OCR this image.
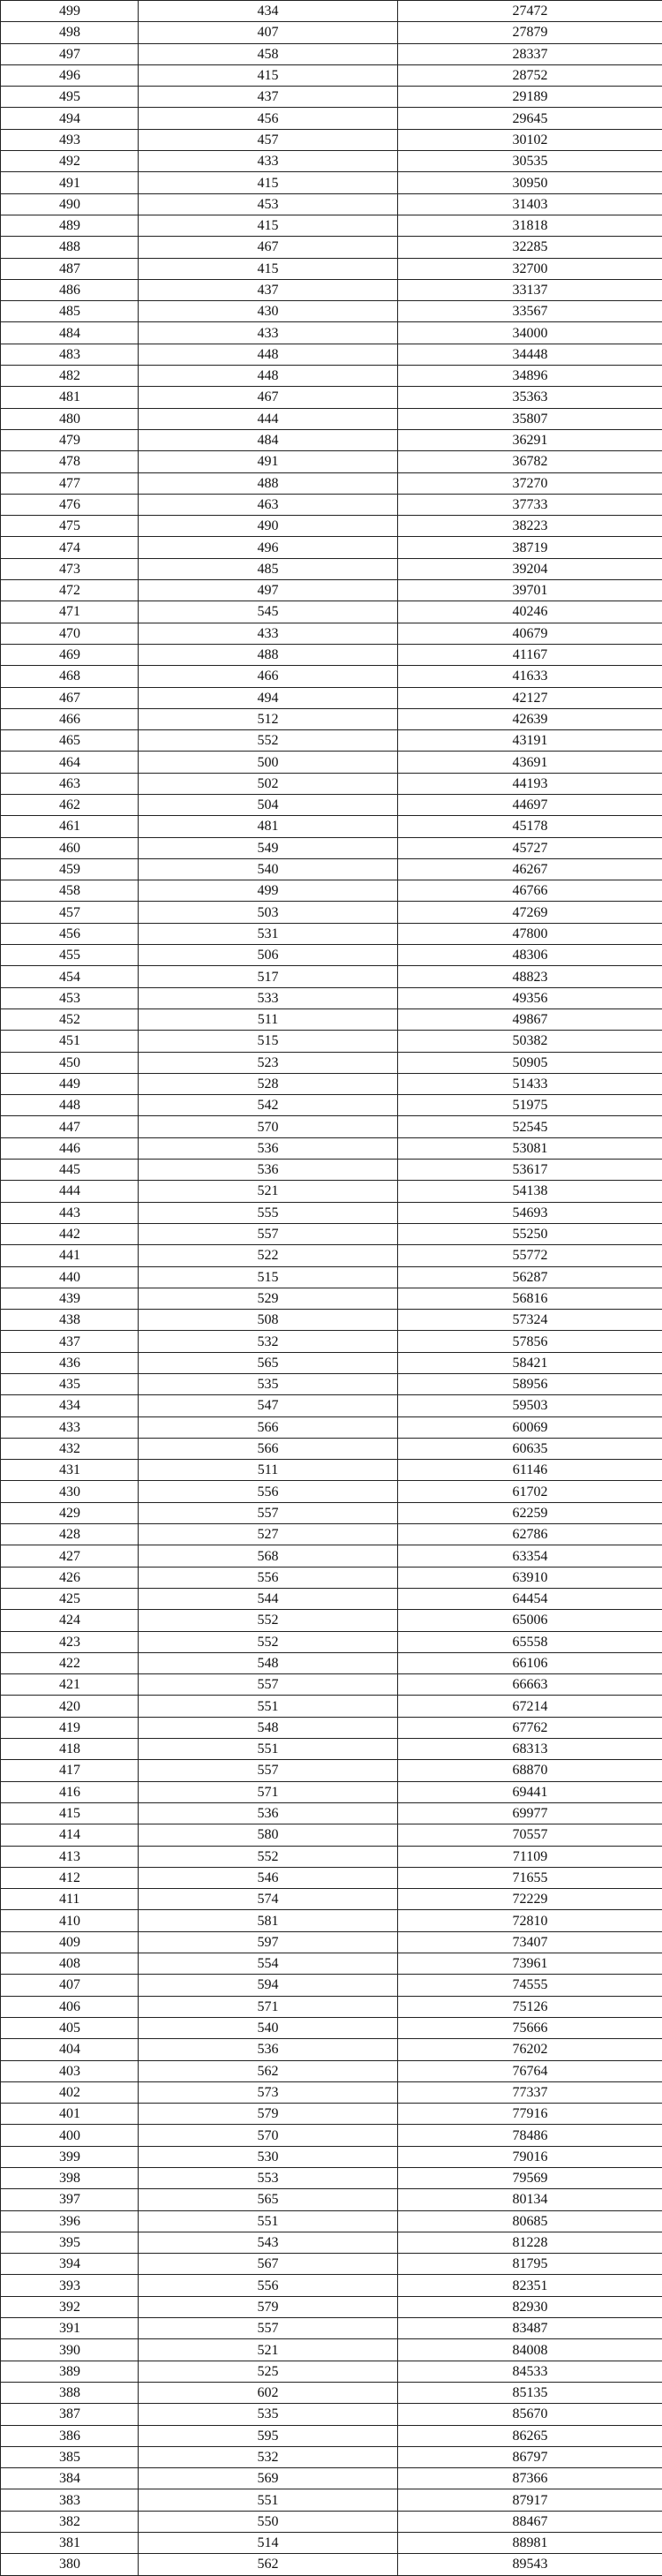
499	434	27472
498	407	27879
497	458	28337
496	415	28752
495	437	29189
494	456	29645
493	457	30102
492	433	30535
491	415	30950
490	453	31403
489	415	31818
488	467	32285
487	415	32700
486	437	33137
485	430	33567
484	433	34000
483	448	34448
482	448	34896
481	467	35363
480	444	35807
479	484	36291
478	491	36782
477	488	37270
476	463	37733
475	490	38223
474	496	38719
473	485	39204
472	497	39701
471	545	40246
470	433	40679
469	488	41167
468	466	41633
467	494	42127
466	512	42639
465	552	43191
464	500	43691
463	502	44193
462	504	44697
461	481	45178
460	549	45727
459	540	46267
458	499	46766
457	503	47269
456	531	47800
455	506	48306
454	517	48823
453	533	49356
452	511	49867
451	515	50382
450	523	50905
449	528	51433
448	542	51975
447	570	52545
446	536	53081
445	536	53617
444	521	54138
443	555	54693
442	557	55250
441	522	55772
440	515	56287
439	529	56816
438	508	57324
437	532	57856
436	565	58421
435	535	58956
434	547	59503
433	566	60069
432	566	60635
431	511	61146
430	556	61702
429	557	62259
428	527	62786
427	568	63354
426	556	63910
425	544	64454
424	552	65006
423	552	65558
422	548	66106
421	557	66663
420	551	67214
419	548	67762
418	551	68313
417	557	68870
416	571	69441
415	536	69977
414	580	70557
413	552	71109
412	546	71655
411	574	72229
410	581	72810
409	597	73407
408	554	73961
407	594	74555
406	571	75126
405	540	75666
404	536	76202
403	562	76764
402	573	77337
401	579	77916
400	570	78486
399	530	79016
398	553	79569
397	565	80134
396	551	80685
395	543	81228
394	567	81795
393	556	82351
392	579	82930
391	557	83487
390	521	84008
389	525	84533
388	602	85135
387	535	85670
386	595	86265
385	532	86797
384	569	87366
383	551	87917
382	550	88467
381	514	88981
380	562	89543
